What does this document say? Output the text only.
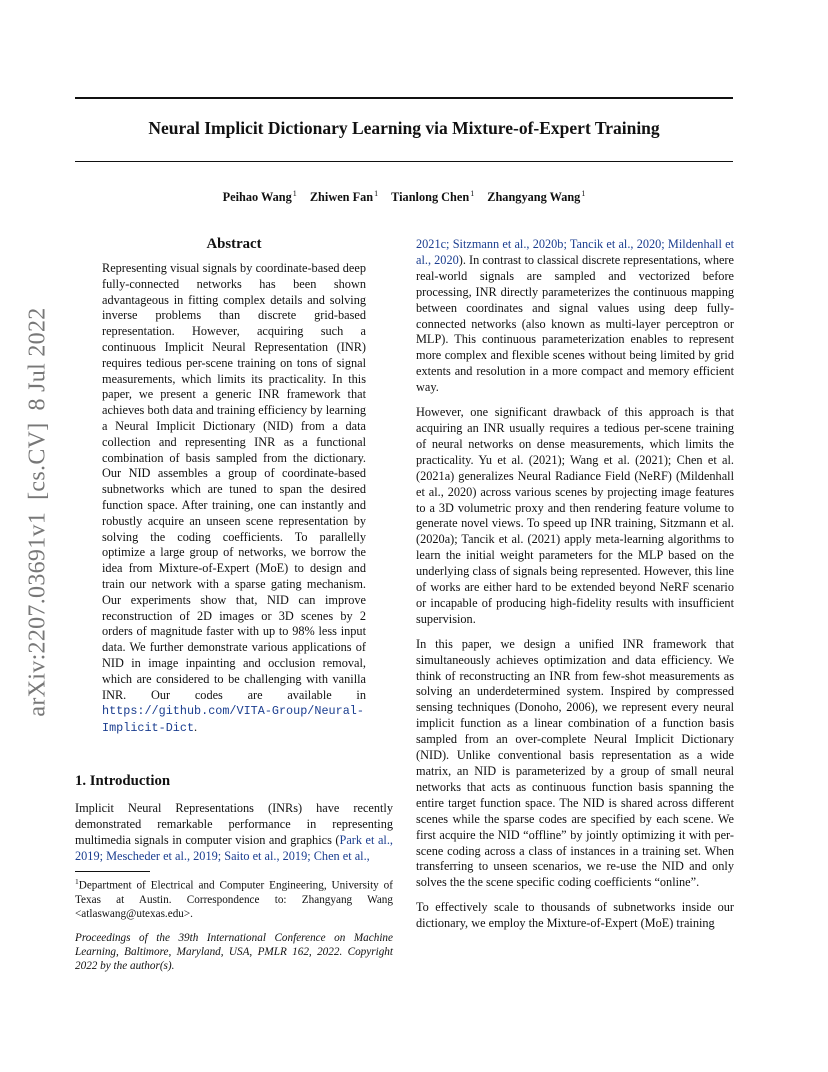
arXiv:2207.03691v1[cs.CV]8 Jul 2022
Neural Implicit Dictionary Learning via Mixture-of-Expert Training
Peihao Wang$^1$ Zhiwen Fan$^1$ Tianlong Chen$^1$ Zhangyang Wang$^1$
Abstract
Representing visual signals by coordinate-based deep fully-connected networks has been shown advantageous in fitting complex details and solving inverse problems than discrete grid-based representation. However, acquiring such a continuous Implicit Neural Representation (INR) requires tedious per-scene training on tons of signal measurements, which limits its practicality. In this paper, we present a generic INR framework that achieves both data and training efficiency by learning a Neural Implicit Dictionary (NID) from a data collection and representing INR as a functional combination of basis sampled from the dictionary. Our NID assembles a group of coordinate-based subnetworks which are tuned to span the desired function space. After training, one can instantly and robustly acquire an unseen scene representation by solving the coding coefficients. To parallelly optimize a large group of networks, we borrow the idea from Mixture-of-Expert (MoE) to design and train our network with a sparse gating mechanism. Our experiments show that, NID can improve reconstruction of 2D images or 3D scenes by 2 orders of magnitude faster with up to 98% less input data. We further demonstrate various applications of NID in image inpainting and occlusion removal, which are considered to be challenging with vanilla INR. Our codes are available in https://github.com/VITA-Group/Neural-Implicit-Dict.
1. Introduction
Implicit Neural Representations (INRs) have recently demonstrated remarkable performance in representing multimedia signals in computer vision and graphics (Park et al., 2019; Mescheder et al., 2019; Saito et al., 2019; Chen et al.,
$^1$Department of Electrical and Computer Engineering, University of Texas at Austin. Correspondence to: Zhangyang Wang <atlaswang@utexas.edu>.
Proceedings of the 39th International Conference on Machine Learning, Baltimore, Maryland, USA, PMLR 162, 2022. Copyright 2022 by the author(s).

2021c; Sitzmann et al., 2020b; Tancik et al., 2020; Mildenhall et al., 2020). In contrast to classical discrete representations, where real-world signals are sampled and vectorized before processing, INR directly parameterizes the continuous mapping between coordinates and signal values using deep fully-connected networks (also known as multi-layer perceptron or MLP). This continuous parameterization enables to represent more complex and flexible scenes without being limited by grid extents and resolution in a more compact and memory efficient way.

However, one significant drawback of this approach is that acquiring an INR usually requires a tedious per-scene training of neural networks on dense measurements, which limits the practicality. Yu et al. (2021); Wang et al. (2021); Chen et al. (2021a) generalizes Neural Radiance Field (NeRF) (Mildenhall et al., 2020) across various scenes by projecting image features to a 3D volumetric proxy and then rendering feature volume to generate novel views. To speed up INR training, Sitzmann et al. (2020a); Tancik et al. (2021) apply meta-learning algorithms to learn the initial weight parameters for the MLP based on the underlying class of signals being represented. However, this line of works are either hard to be extended beyond NeRF scenario or incapable of producing high-fidelity results with insufficient supervision.

In this paper, we design a unified INR framework that simultaneously achieves optimization and data efficiency. We think of reconstructing an INR from few-shot measurements as solving an underdetermined system. Inspired by compressed sensing techniques (Donoho, 2006), we represent every neural implicit function as a linear combination of a function basis sampled from an over-complete Neural Implicit Dictionary (NID). Unlike conventional basis representation as a wide matrix, an NID is parameterized by a group of small neural networks that acts as continuous function basis spanning the entire target function space. The NID is shared across different scenes while the sparse codes are specified by each scene. We first acquire the NID “offline” by jointly optimizing it with per-scene coding across a class of instances in a training set. When transferring to unseen scenarios, we re-use the NID and only solves the the scene specific coding coefficients “online”.

To effectively scale to thousands of subnetworks inside our dictionary, we employ the Mixture-of-Expert (MoE) training
